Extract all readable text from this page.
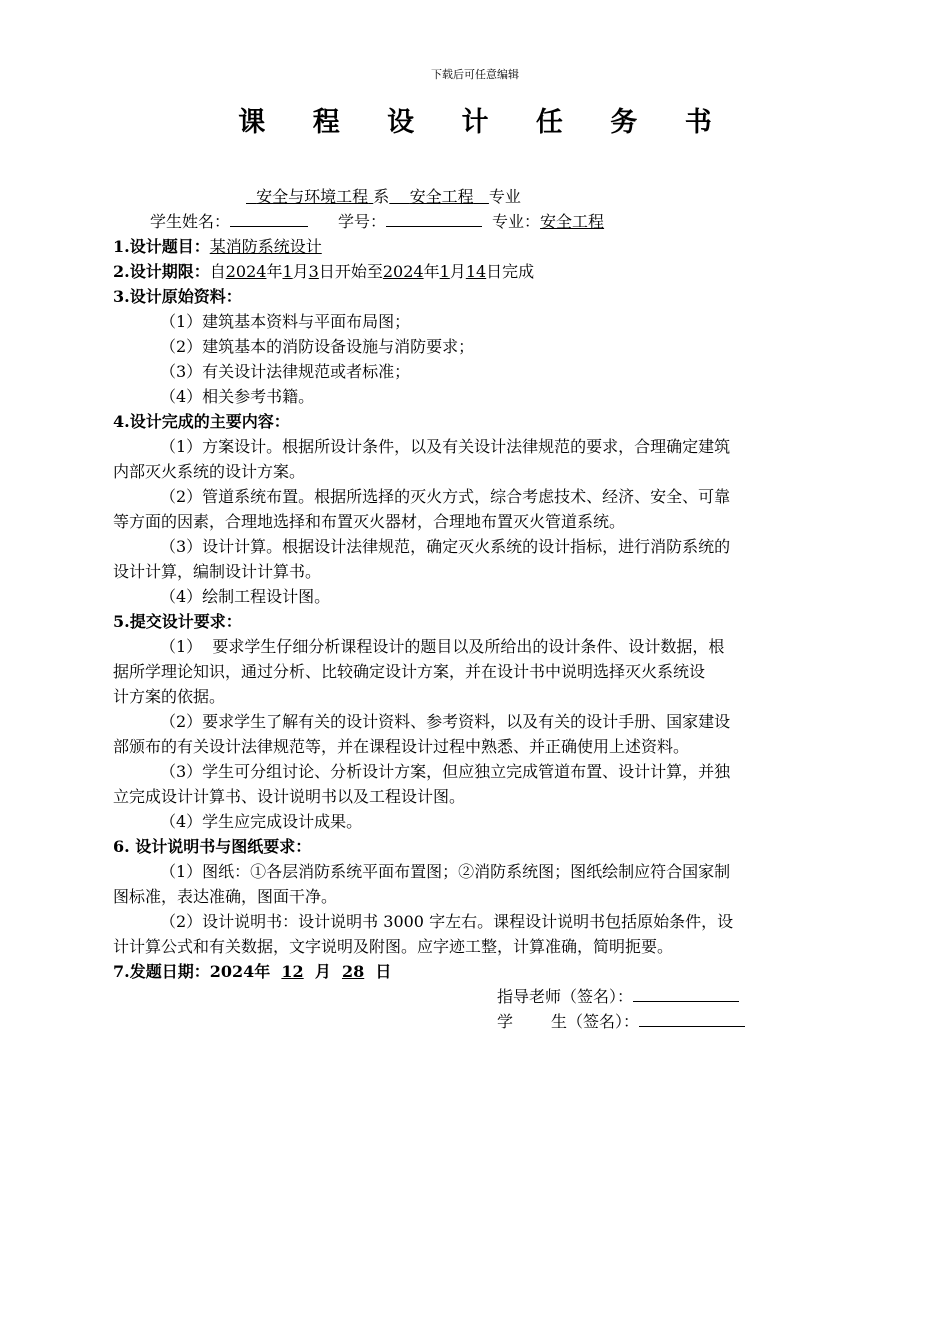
下载后可任意编辑
课 程 设 计 任 务 书
安全与环境工程 系 安全工程 专业
学生姓名：	学号：	专业：安全工程
1.设计题目：某消防系统设计
2.设计期限：自2024年1月3日开始至2024年1月14日完成
3.设计原始资料：
（1）建筑基本资料与平面布局图；
（2）建筑基本的消防设备设施与消防要求；
（3）有关设计法律规范或者标准；
（4）相关参考书籍。
4.设计完成的主要内容：
（1）方案设计。根据所设计条件，以及有关设计法律规范的要求，合理确定建筑
内部灭火系统的设计方案。
（2）管道系统布置。根据所选择的灭火方式，综合考虑技术、经济、安全、可靠
等方面的因素，合理地选择和布置灭火器材，合理地布置灭火管道系统。
（3）设计计算。根据设计法律规范，确定灭火系统的设计指标，进行消防系统的
设计计算，编制设计计算书。
（4）绘制工程设计图。
5.提交设计要求：
（1）  要求学生仔细分析课程设计的题目以及所给出的设计条件、设计数据，根
据所学理论知识，通过分析、比较确定设计方案，并在设计书中说明选择灭火系统设
计方案的依据。
（2）要求学生了解有关的设计资料、参考资料，以及有关的设计手册、国家建设
部颁布的有关设计法律规范等，并在课程设计过程中熟悉、并正确使用上述资料。
（3）学生可分组讨论、分析设计方案，但应独立完成管道布置、设计计算，并独
立完成设计计算书、设计说明书以及工程设计图。
（4）学生应完成设计成果。
6. 设计说明书与图纸要求：
（1）图纸：①各层消防系统平面布置图；②消防系统图；图纸绘制应符合国家制
图标准，表达准确，图面干净。
（2）设计说明书：设计说明书 3000 字左右。课程设计说明书包括原始条件，设
计计算公式和有关数据，文字说明及附图。应字迹工整，计算准确，简明扼要。
7.发题日期：2024年 12 月 28 日
指导老师（签名）：
学 生（签名）：
